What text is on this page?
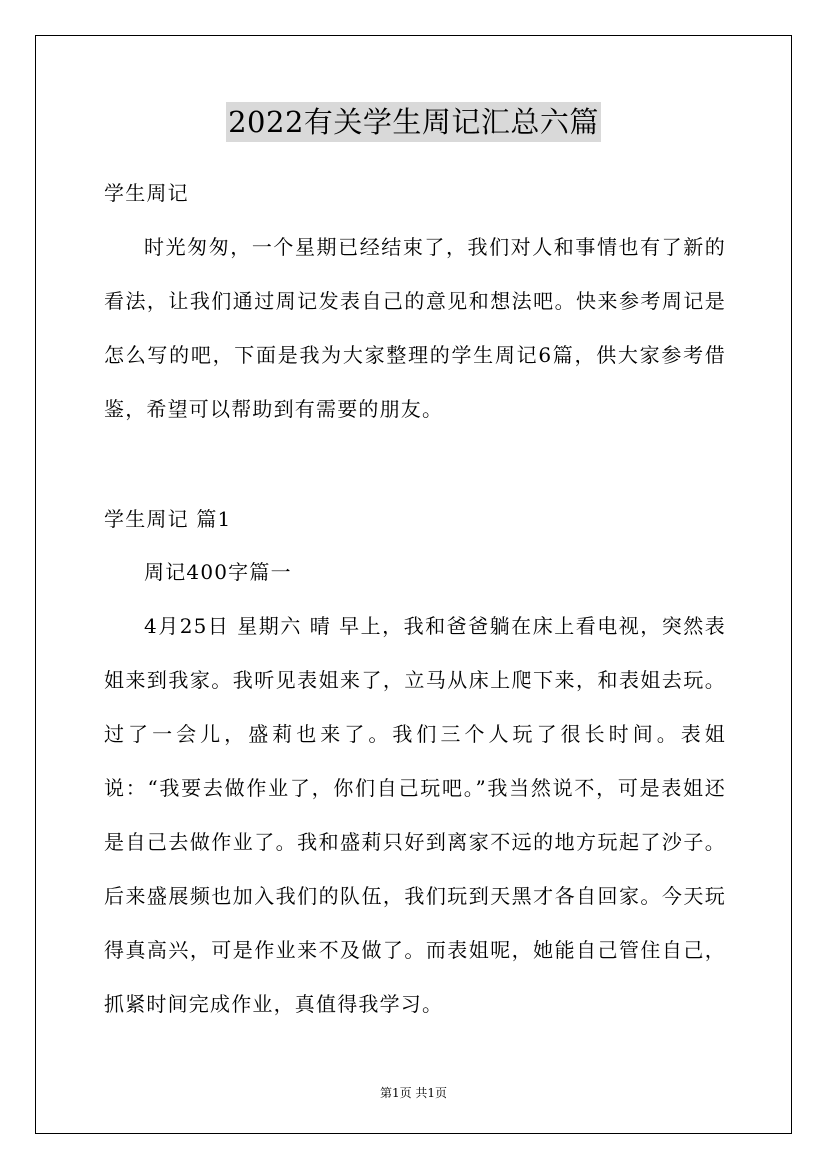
2022有关学生周记汇总六篇
学生周记
时光匆匆，一个星期已经结束了，我们对人和事情也有了新的看法，让我们通过周记发表自己的意见和想法吧。快来参考周记是怎么写的吧，下面是我为大家整理的学生周记6篇，供大家参考借鉴，希望可以帮助到有需要的朋友。
学生周记 篇1
周记400字篇一
4月25日 星期六 晴 早上，我和爸爸躺在床上看电视，突然表姐来到我家。我听见表姐来了，立马从床上爬下来，和表姐去玩。过了一会儿，盛莉也来了。我们三个人玩了很长时间。表姐说：“我要去做作业了，你们自己玩吧。”我当然说不，可是表姐还是自己去做作业了。我和盛莉只好到离家不远的地方玩起了沙子。后来盛展频也加入我们的队伍，我们玩到天黑才各自回家。今天玩得真高兴，可是作业来不及做了。而表姐呢，她能自己管住自己，抓紧时间完成作业，真值得我学习。
第1页 共1页
